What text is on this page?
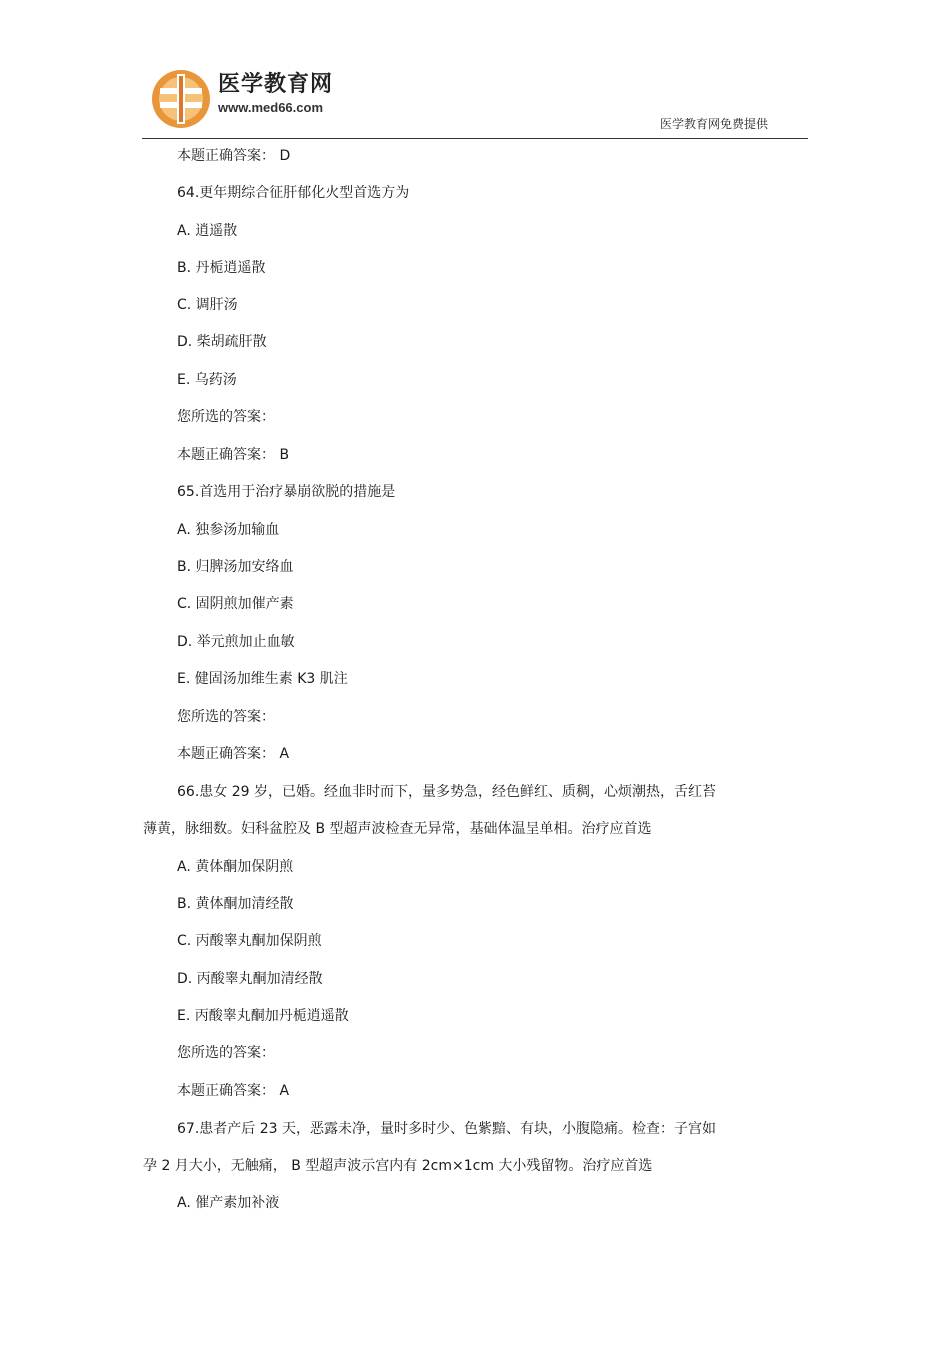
医学教育网
www.med66.com
医学教育网免费提供
本题正确答案： D
64.更年期综合征肝郁化火型首选方为
A. 逍遥散
B. 丹栀逍遥散
C. 调肝汤
D. 柴胡疏肝散
E. 乌药汤
您所选的答案：
本题正确答案： B
65.首选用于治疗暴崩欲脱的措施是
A. 独参汤加输血
B. 归脾汤加安络血
C. 固阴煎加催产素
D. 举元煎加止血敏
E. 健固汤加维生素 K3 肌注
您所选的答案：
本题正确答案： A
66.患女 29 岁，已婚。经血非时而下，量多势急，经色鲜红、质稠，心烦潮热，舌红苔
薄黄，脉细数。妇科盆腔及 B 型超声波检查无异常，基础体温呈单相。治疗应首选
A. 黄体酮加保阴煎
B. 黄体酮加清经散
C. 丙酸睾丸酮加保阴煎
D. 丙酸睾丸酮加清经散
E. 丙酸睾丸酮加丹栀逍遥散
您所选的答案：
本题正确答案： A
67.患者产后 23 天，恶露未净，量时多时少、色紫黯、有块，小腹隐痛。检查：子宫如
孕 2 月大小，无触痛， B 型超声波示宫内有 2cm×1cm 大小残留物。治疗应首选
A. 催产素加补液
